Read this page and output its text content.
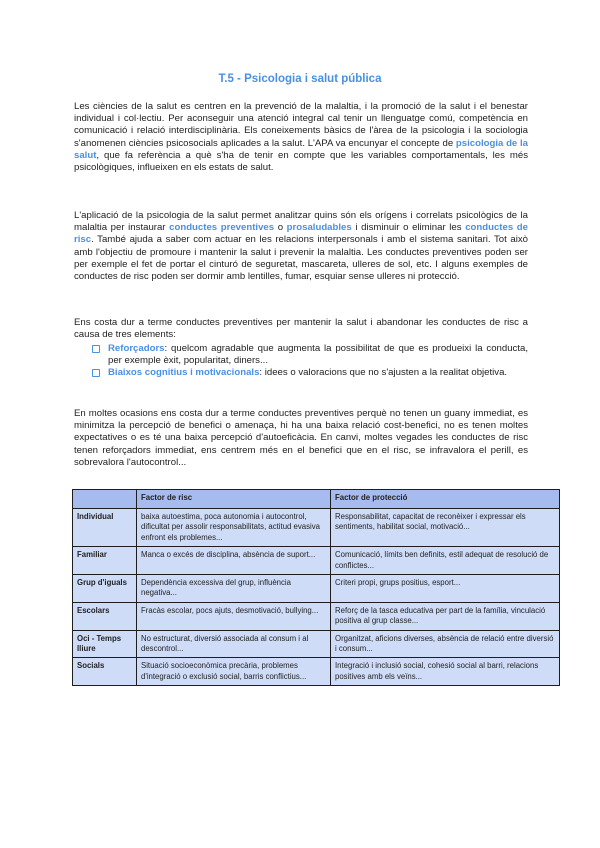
T.5 - Psicologia i salut pública

Les ciències de la salut es centren en la prevenció de la malaltia, i la promoció de la salut i el benestar individual i col·lectiu. Per aconseguir una atenció integral cal tenir un llenguatge comú, competència en comunicació i relació interdisciplinària. Els coneixements bàsics de l'àrea de la psicologia i la sociologia s'anomenen ciències psicosocials aplicades a la salut. L'APA va encunyar el concepte de psicologia de la salut, que fa referència a què s'ha de tenir en compte que les variables comportamentals, les més psicològiques, influeixen en els estats de salut.

L'aplicació de la psicologia de la salut permet analitzar quins són els orígens i correlats psicològics de la malaltia per instaurar conductes preventives o prosaludables i disminuir o eliminar les conductes de risc. També ajuda a saber com actuar en les relacions interpersonals i amb el sistema sanitari. Tot això amb l'objectiu de promoure i mantenir la salut i prevenir la malaltia. Les conductes preventives poden ser per exemple el fet de portar el cinturó de seguretat, mascareta, ulleres de sol, etc. I alguns exemples de conductes de risc poden ser dormir amb lentilles, fumar, esquiar sense ulleres ni protecció.

Ens costa dur a terme conductes preventives per mantenir la salut i abandonar les conductes de risc a causa de tres elements:

Reforçadors: quelcom agradable que augmenta la possibilitat de que es produeixi la conducta, per exemple èxit, popularitat, diners...
Biaixos cognitius i motivacionals: idees o valoracions que no s'ajusten a la realitat objetiva.

En moltes ocasions ens costa dur a terme conductes preventives perquè no tenen un guany immediat, es minimitza la percepció de benefici o amenaça, hi ha una baixa relació cost-benefici, no es tenen moltes expectatives o es té una baixa percepció d'autoeficàcia. En canvi, moltes vegades les conductes de risc tenen reforçadors immediat, ens centrem més en el benefici que en el risc, se infravalora el perill, es sobrevalora l'autocontrol...

	Factor de risc	Factor de protecció
Individual	baixa autoestima, poca autonomia i autocontrol, dificultat per assolir responsabilitats, actitud evasiva enfront els problemes...	Responsabilitat, capacitat de reconèixer i expressar els sentiments, habilitat social, motivació...
Familiar	Manca o excés de disciplina, absència de suport...	Comunicació, límits ben definits, estil adequat de resolució de conflictes...
Grup d'iguals	Dependència excessiva del grup, influència negativa...	Criteri propi, grups positius, esport...
Escolars	Fracàs escolar, pocs ajuts, desmotivació, bullying...	Reforç de la tasca educativa per part de la família, vinculació positiva al grup classe...
Oci - Temps lliure	No estructurat, diversió associada al consum i al descontrol...	Organitzat, aficions diverses, absència de relació entre diversió i consum...
Socials	Situació socioeconòmica precària, problemes d'integració o exclusió social, barris conflictius...	Integració i inclusió social, cohesió social al barri, relacions positives amb els veïns...
